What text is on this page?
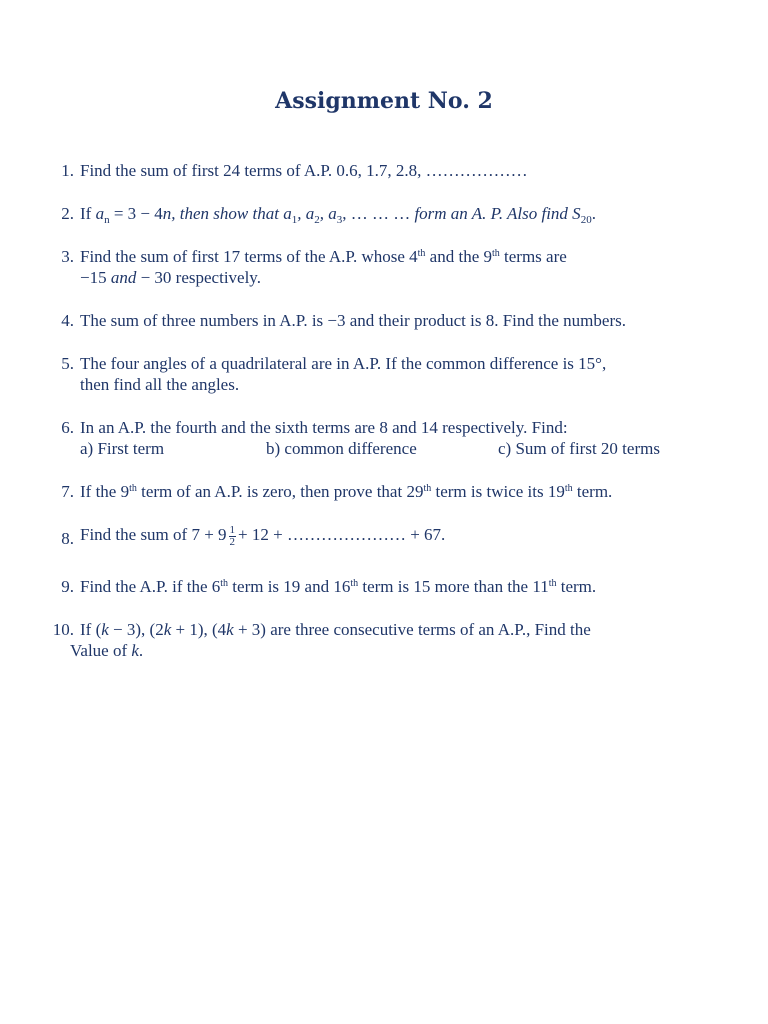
Assignment No. 2
1. Find the sum of first 24 terms of A.P. 0.6, 1.7, 2.8, ………………
2. If $a_n = 3 - 4n$, then show that $a_1$, $a_2$, $a_3$, … … … form an A. P. Also find $S_{20}$.
3. Find the sum of first 17 terms of the A.P. whose 4th and the 9th terms are
−15 and − 30 respectively.
4. The sum of three numbers in A.P. is −3 and their product is 8. Find the numbers.
5. The four angles of a quadrilateral are in A.P. If the common difference is 15°,
then find all the angles.
6. In an A.P. the fourth and the sixth terms are 8 and 14 respectively. Find:
a) First term	b) common difference	c) Sum of first 20 terms
7. If the 9th term of an A.P. is zero, then prove that 29th term is twice its 19th term.
8. Find the sum of $7 + 9 \frac{1}{2} + 12$ + ………………… + 67.
9. Find the A.P. if the 6th term is 19 and 16th term is 15 more than the 11th term.
10. If (k − 3), (2k + 1), (4k + 3) are three consecutive terms of an A.P., Find the
Value of k.
